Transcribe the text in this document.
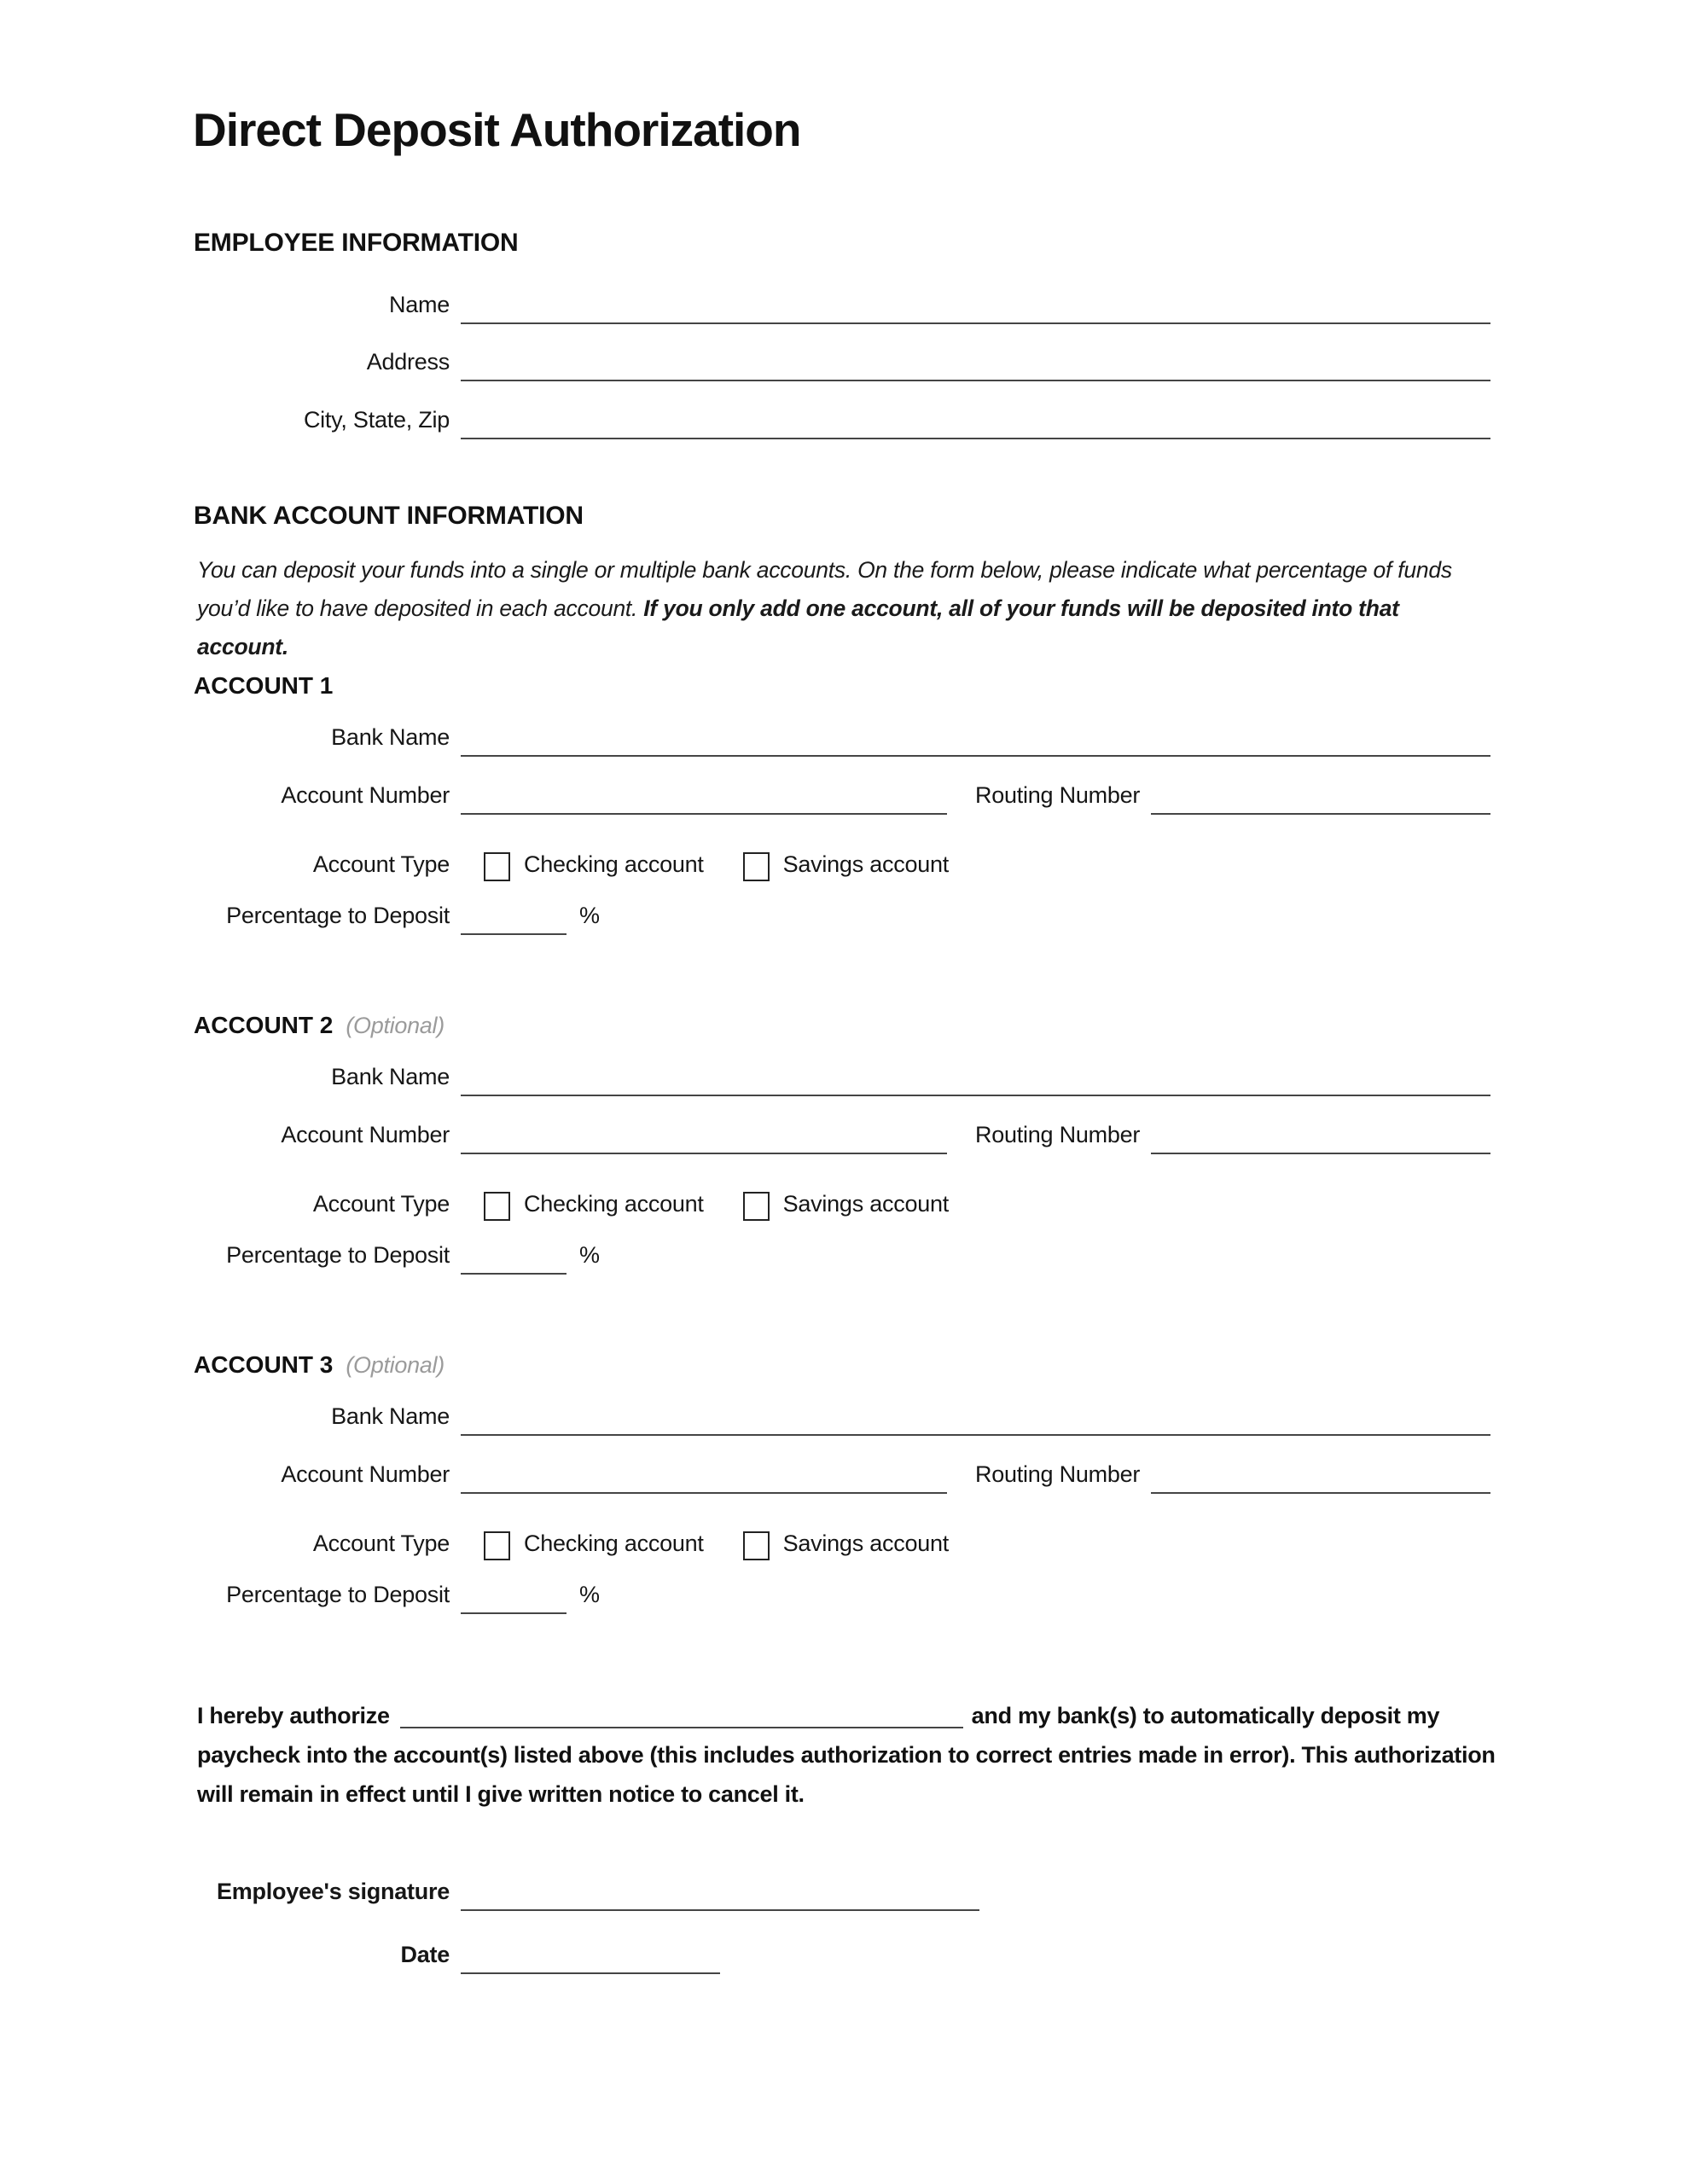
Direct Deposit Authorization
EMPLOYEE INFORMATION
Name
Address
City, State, Zip
BANK ACCOUNT INFORMATION

You can deposit your funds into a single or multiple bank accounts. On the form below, please indicate what percentage of funds you’d like to have deposited in each account. If you only add one account, all of your funds will be deposited into that account.

ACCOUNT 1
Bank Name
Account Number	Routing Number
Account Type	Checking account	Savings account
Percentage to Deposit	%
ACCOUNT 2 (Optional)
Bank Name
Account Number	Routing Number
Account Type	Checking account	Savings account
Percentage to Deposit	%
ACCOUNT 3 (Optional)
Bank Name
Account Number	Routing Number
Account Type	Checking account	Savings account
Percentage to Deposit	%

I hereby authorize	and my bank(s) to automatically deposit my paycheck into the account(s) listed above (this includes authorization to correct entries made in error). This authorization will remain in effect until I give written notice to cancel it.

Employee's signature
Date
